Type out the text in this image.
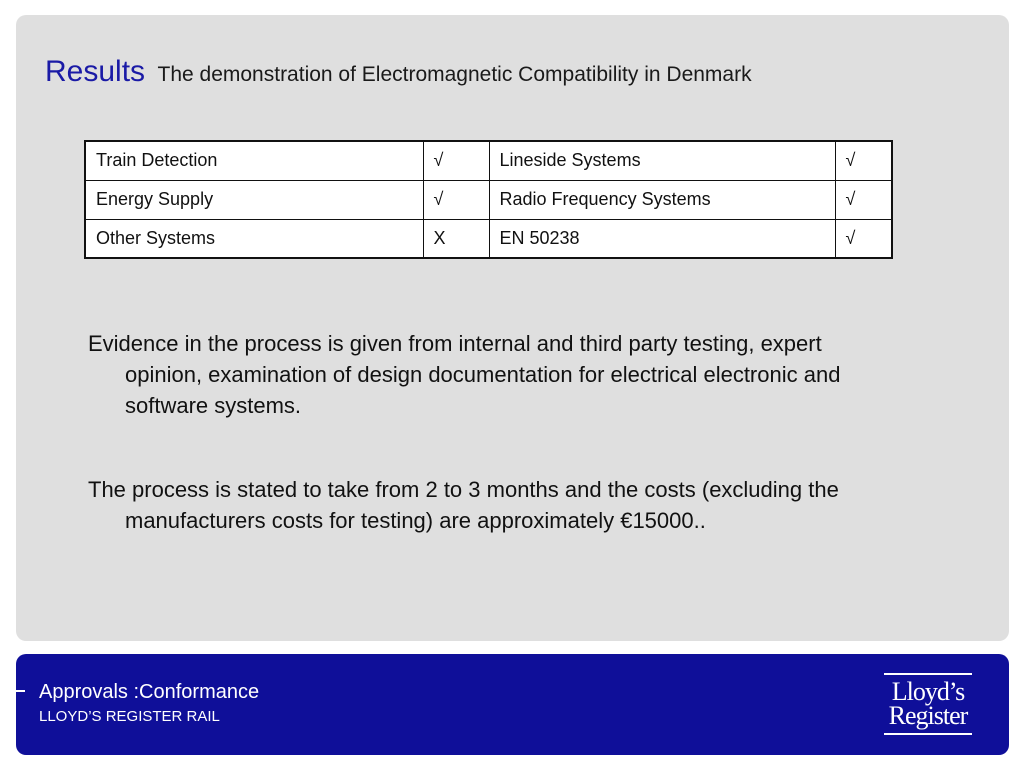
Results The demonstration of Electromagnetic Compatibility in Denmark
Train Detection	√	Lineside Systems	√
Energy Supply	√	Radio Frequency Systems	√
Other Systems	X	EN 50238	√
Evidence in the process is given from internal and third party testing, expert opinion, examination of design documentation for electrical electronic and software systems.
The process is stated to take from 2 to 3 months and the costs (excluding the manufacturers costs for testing) are approximately €15000..
Approvals :Conformance
LLOYD’S REGISTER RAIL
Lloyd’s
Register
